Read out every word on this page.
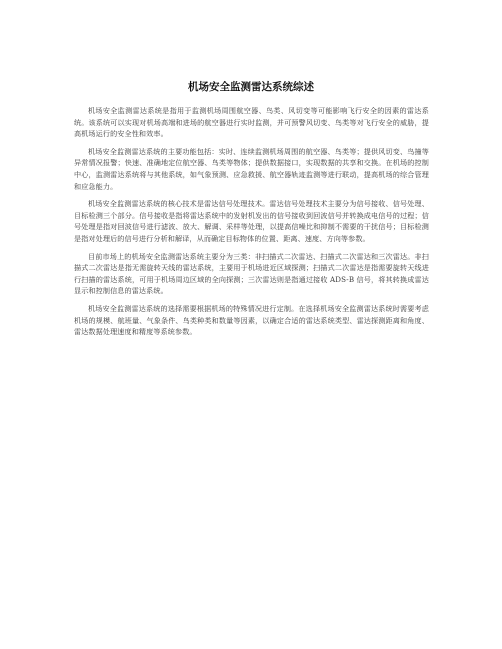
机场安全监测雷达系统综述

机场安全监测雷达系统是指用于监测机场周围航空器、鸟类、风切变等可能影响飞行安全的因素的雷达系统。该系统可以实现对机场高端和进场的航空器进行实时监测，并可预警风切变、鸟类等对飞行安全的威胁，提高机场运行的安全性和效率。

机场安全监测雷达系统的主要功能包括：实时、连续监测机场周围的航空器、鸟类等；提供风切变、鸟撞等异常情况报警；快速、准确地定位航空器、鸟类等物体；提供数据接口，实现数据的共享和交换。在机场的控制中心，监测雷达系统将与其他系统，如气象预测、应急救援、航空器轨迹监测等进行联动，提高机场的综合管理和应急能力。

机场安全监测雷达系统的核心技术是雷达信号处理技术。雷达信号处理技术主要分为信号接收、信号处理、目标检测三个部分。信号接收是指将雷达系统中的发射机发出的信号接收到回波信号并转换成电信号的过程；信号处理是指对回波信号进行滤波、放大、解调、采样等处理，以提高信噪比和抑制不需要的干扰信号；目标检测是指对处理后的信号进行分析和解译，从而确定目标物体的位置、距离、速度、方向等参数。

目前市场上的机场安全监测雷达系统主要分为三类：非扫描式二次雷达、扫描式二次雷达和三次雷达。非扫描式二次雷达是指无需旋转天线的雷达系统，主要用于机场进近区域探测；扫描式二次雷达是指需要旋转天线进行扫描的雷达系统，可用于机场周边区域的全向探测；三次雷达则是指通过接收 ADS-B 信号，将其转换成雷达显示和控制信息的雷达系统。

机场安全监测雷达系统的选择需要根据机场的特殊情况进行定制。在选择机场安全监测雷达系统时需要考虑机场的规模、航班量、气象条件、鸟类种类和数量等因素，以确定合适的雷达系统类型、雷达探测距离和角度、雷达数据处理速度和精度等系统参数。
